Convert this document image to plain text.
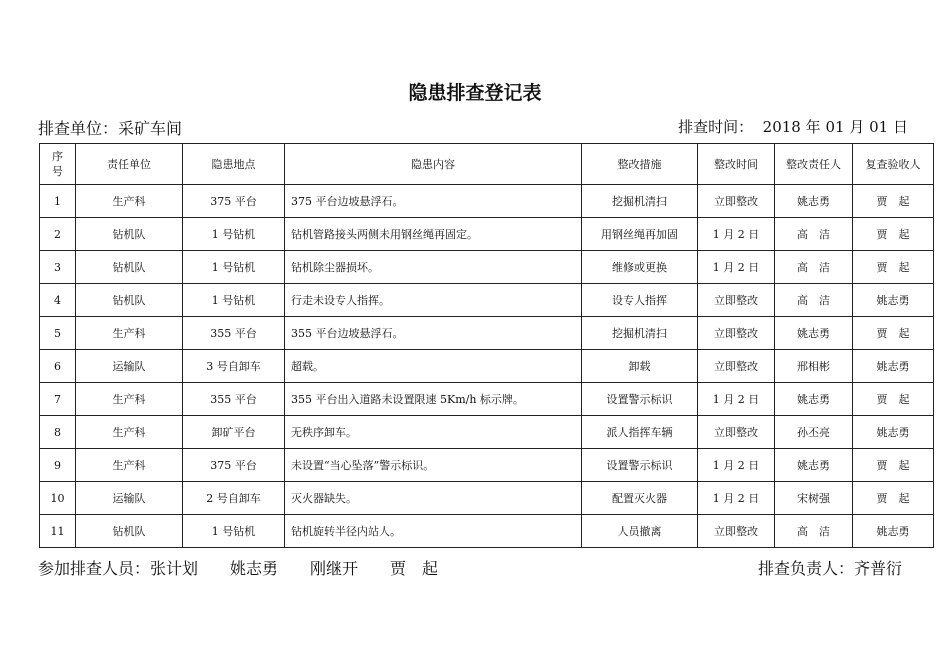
隐患排查登记表
排查单位：采矿车间	排查时间： 2018 年 01 月 01 日
序
号	责任单位	隐患地点	隐患内容	整改措施	整改时间	整改责任人	复查验收人
1	生产科	375 平台	375 平台边坡悬浮石。	挖掘机清扫	立即整改	姚志勇	贾　起
2	钻机队	1 号钻机	钻机管路接头两侧未用钢丝绳再固定。	用钢丝绳再加固	1 月 2 日	高　洁	贾　起
3	钻机队	1 号钻机	钻机除尘器损坏。	维修或更换	1 月 2 日	高　洁	贾　起
4	钻机队	1 号钻机	行走未设专人指挥。	设专人指挥	立即整改	高　洁	姚志勇
5	生产科	355 平台	355 平台边坡悬浮石。	挖掘机清扫	立即整改	姚志勇	贾　起
6	运输队	3 号自卸车	超载。	卸载	立即整改	邢相彬	姚志勇
7	生产科	355 平台	355 平台出入道路未设置限速 5Km/h 标示牌。	设置警示标识	1 月 2 日	姚志勇	贾　起
8	生产科	卸矿平台	无秩序卸车。	派人指挥车辆	立即整改	孙丕亮	姚志勇
9	生产科	375 平台	未设置“当心坠落”警示标识。	设置警示标识	1 月 2 日	姚志勇	贾　起
10	运输队	2 号自卸车	灭火器缺失。	配置灭火器	1 月 2 日	宋树强	贾　起
11	钻机队	1 号钻机	钻机旋转半径内站人。	人员撤离	立即整改	高　洁	姚志勇
参加排查人员：张计划　　姚志勇　　刚继开　　贾　起	排查负责人：齐普衍
